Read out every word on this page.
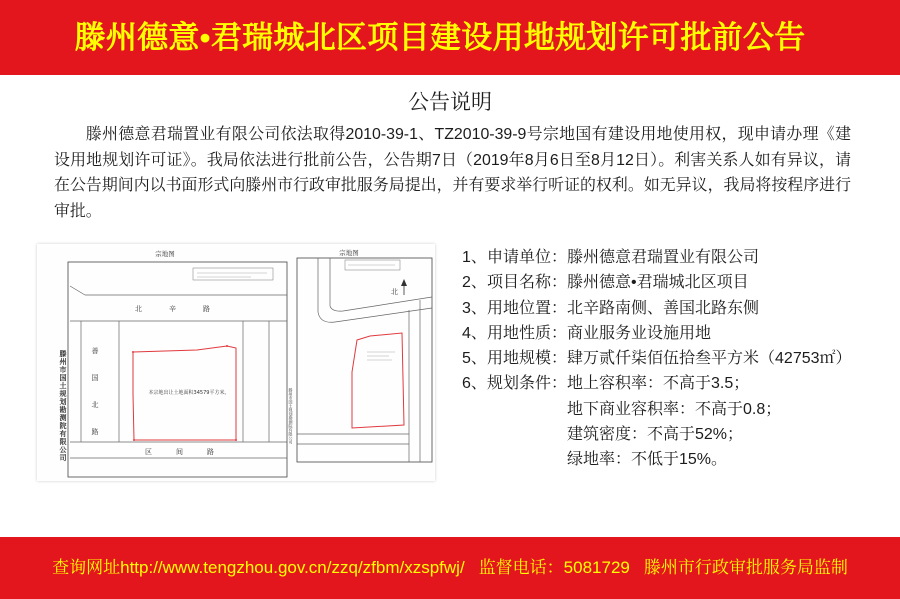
滕州德意•君瑞城北区项目建设用地规划许可批前公告
公告说明

滕州德意君瑞置业有限公司依法取得2010-39-1、TZ2010-39-9号宗地国有建设用地使用权，现申请办理《建设用地规划许可证》。我局依法进行批前公告，公告期7日（2019年8月6日至8月12日）。利害关系人如有异议，请在公告期间内以书面形式向滕州市行政审批服务局提出，并有要求举行听证的权利。如无异议，我局将按程序进行审批。

宗地图
北辛路
善国北路	区间路
本宗地出让土地面积34579平方米。
滕州市国土规划勘测院有限公司
宗地图
北
滕州市国土规划勘测院有限公司
1、申请单位：滕州德意君瑞置业有限公司
2、项目名称：滕州德意•君瑞城北区项目
3、用地位置：北辛路南侧、善国北路东侧
4、用地性质：商业服务业设施用地
5、用地规模：肆万贰仟柒佰伍拾叁平方米（42753㎡）
6、规划条件：地上容积率：不高于3.5；
地下商业容积率：不高于0.8；
建筑密度：不高于52%；
绿地率：不低于15%。

查询网址http://www.tengzhou.gov.cn/zzq/zfbm/xzspfwj/ 监督电话：5081729 滕州市行政审批服务局监制
